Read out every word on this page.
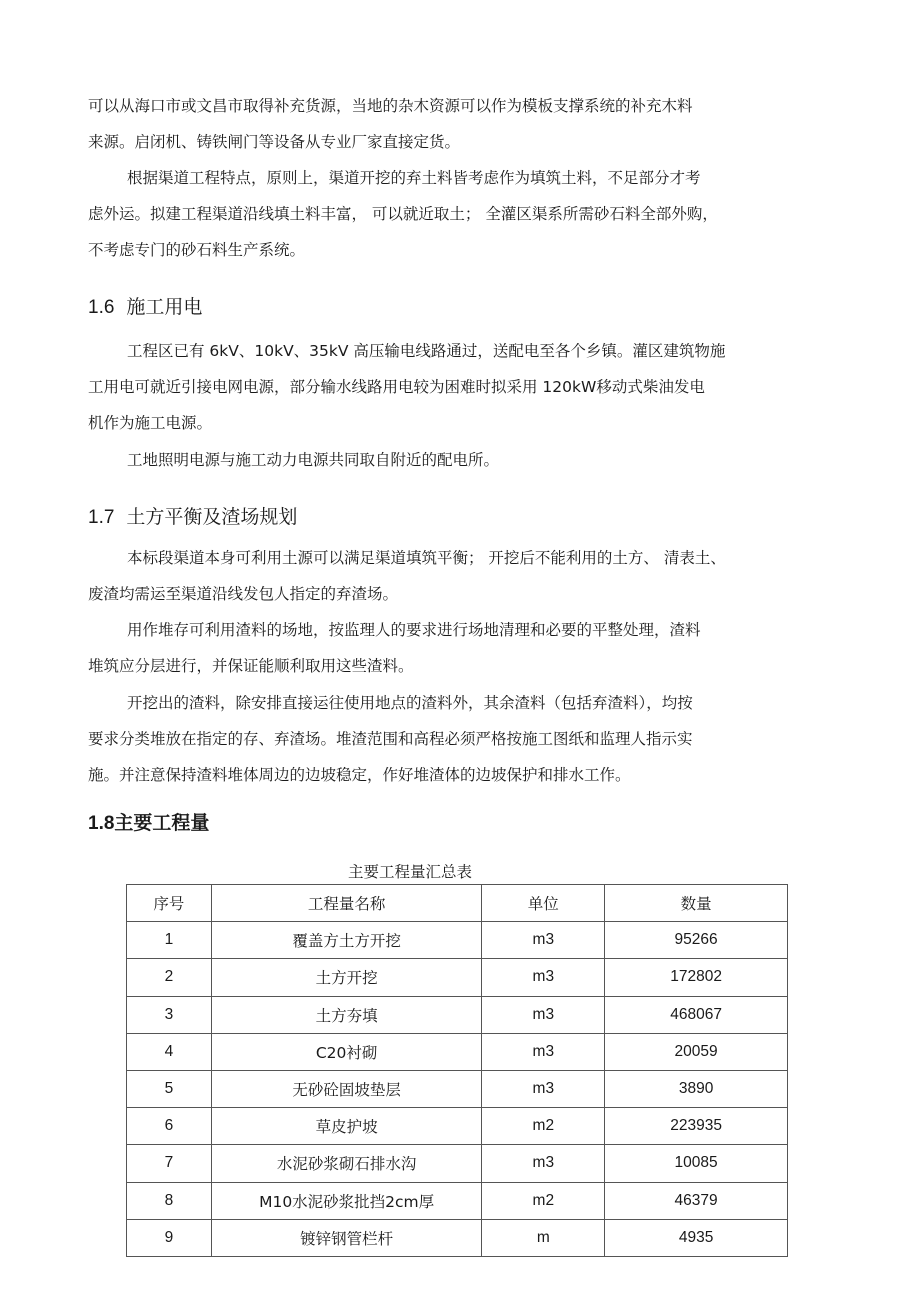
可以从海口市或文昌市取得补充货源，当地的杂木资源可以作为模板支撑系统的补充木料
来源。启闭机、铸铁闸门等设备从专业厂家直接定货。
根据渠道工程特点，原则上，渠道开挖的弃土料皆考虑作为填筑土料，不足部分才考
虑外运。拟建工程渠道沿线填土料丰富， 可以就近取土； 全灌区渠系所需砂石料全部外购，
不考虑专门的砂石料生产系统。
1.6 施工用电
工程区已有 6kV、10kV、35kV 高压输电线路通过，送配电至各个乡镇。灌区建筑物施
工用电可就近引接电网电源，部分输水线路用电较为困难时拟采用 120kW移动式柴油发电
机作为施工电源。
工地照明电源与施工动力电源共同取自附近的配电所。
1.7 土方平衡及渣场规划
本标段渠道本身可利用土源可以满足渠道填筑平衡； 开挖后不能利用的土方、 清表土、
废渣均需运至渠道沿线发包人指定的弃渣场。
用作堆存可利用渣料的场地，按监理人的要求进行场地清理和必要的平整处理，渣料
堆筑应分层进行，并保证能顺利取用这些渣料。
开挖出的渣料，除安排直接运往使用地点的渣料外，其余渣料（包括弃渣料），均按
要求分类堆放在指定的存、弃渣场。堆渣范围和高程必须严格按施工图纸和监理人指示实
施。并注意保持渣料堆体周边的边坡稳定，作好堆渣体的边坡保护和排水工作。
1.8主要工程量

主要工程量汇总表

序号	工程量名称	单位	数量
1	覆盖方土方开挖	m3	95266
2	土方开挖	m3	172802
3	土方夯填	m3	468067
4	C20衬砌	m3	20059
5	无砂砼固坡垫层	m3	3890
6	草皮护坡	m2	223935
7	水泥砂浆砌石排水沟	m3	10085
8	M10水泥砂浆批挡2cm厚	m2	46379
9	镀锌钢管栏杆	m	4935
